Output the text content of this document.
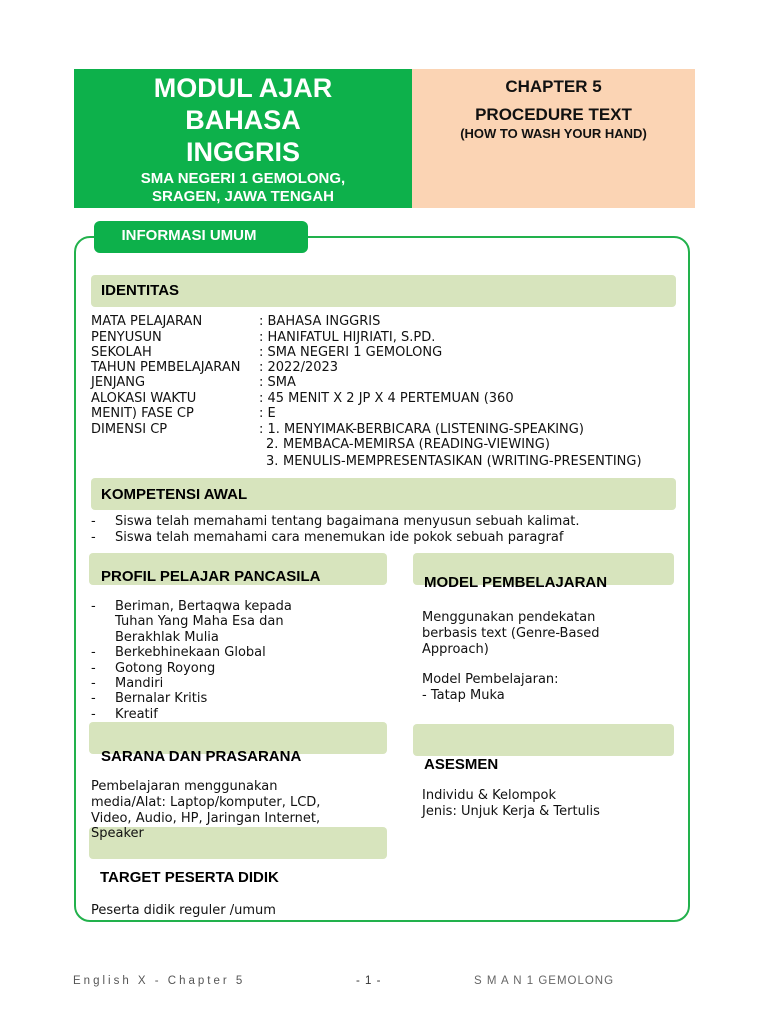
MODUL AJAR
BAHASA
INGGRIS
SMA NEGERI 1 GEMOLONG,
SRAGEN, JAWA TENGAH
CHAPTER 5
PROCEDURE TEXT
(HOW TO WASH YOUR HAND)
INFORMASI UMUM
IDENTITAS
MATA PELAJARAN	: BAHASA INGGRIS
PENYUSUN	: HANIFATUL HIJRIATI, S.PD.
SEKOLAH	: SMA NEGERI 1 GEMOLONG
TAHUN PEMBELAJARAN : 2022/2023
JENJANG	: SMA
ALOKASI WAKTU	: 45 MENIT X 2 JP X 4 PERTEMUAN (360
MENIT) FASE CP	: E
DIMENSI CP	: 1. MENYIMAK-BERBICARA (LISTENING-SPEAKING)
2. MEMBACA-MEMIRSA (READING-VIEWING)
3. MENULIS-MEMPRESENTASIKAN (WRITING-PRESENTING)
KOMPETENSI AWAL
- Siswa telah memahami tentang bagaimana menyusun sebuah kalimat.
- Siswa telah memahami cara menemukan ide pokok sebuah paragraf
PROFIL PELAJAR PANCASILA
- Beriman, Bertaqwa kepada
Tuhan Yang Maha Esa dan
Berakhlak Mulia
- Berkebhinekaan Global
- Gotong Royong
- Mandiri
- Bernalar Kritis
- Kreatif
MODEL PEMBELAJARAN
Menggunakan pendekatan
berbasis text (Genre-Based
Approach)
Model Pembelajaran:
- Tatap Muka
SARANA DAN PRASARANA
Pembelajaran menggunakan
media/Alat: Laptop/komputer, LCD,
Video, Audio, HP, Jaringan Internet,
ASESMEN
Individu & Kelompok
Jenis: Unjuk Kerja & Tertulis
Speaker
TARGET PESERTA DIDIK
Peserta didik reguler /umum
English X - Chapter 5	- 1 -	S M A N 1 GEMOLONG
